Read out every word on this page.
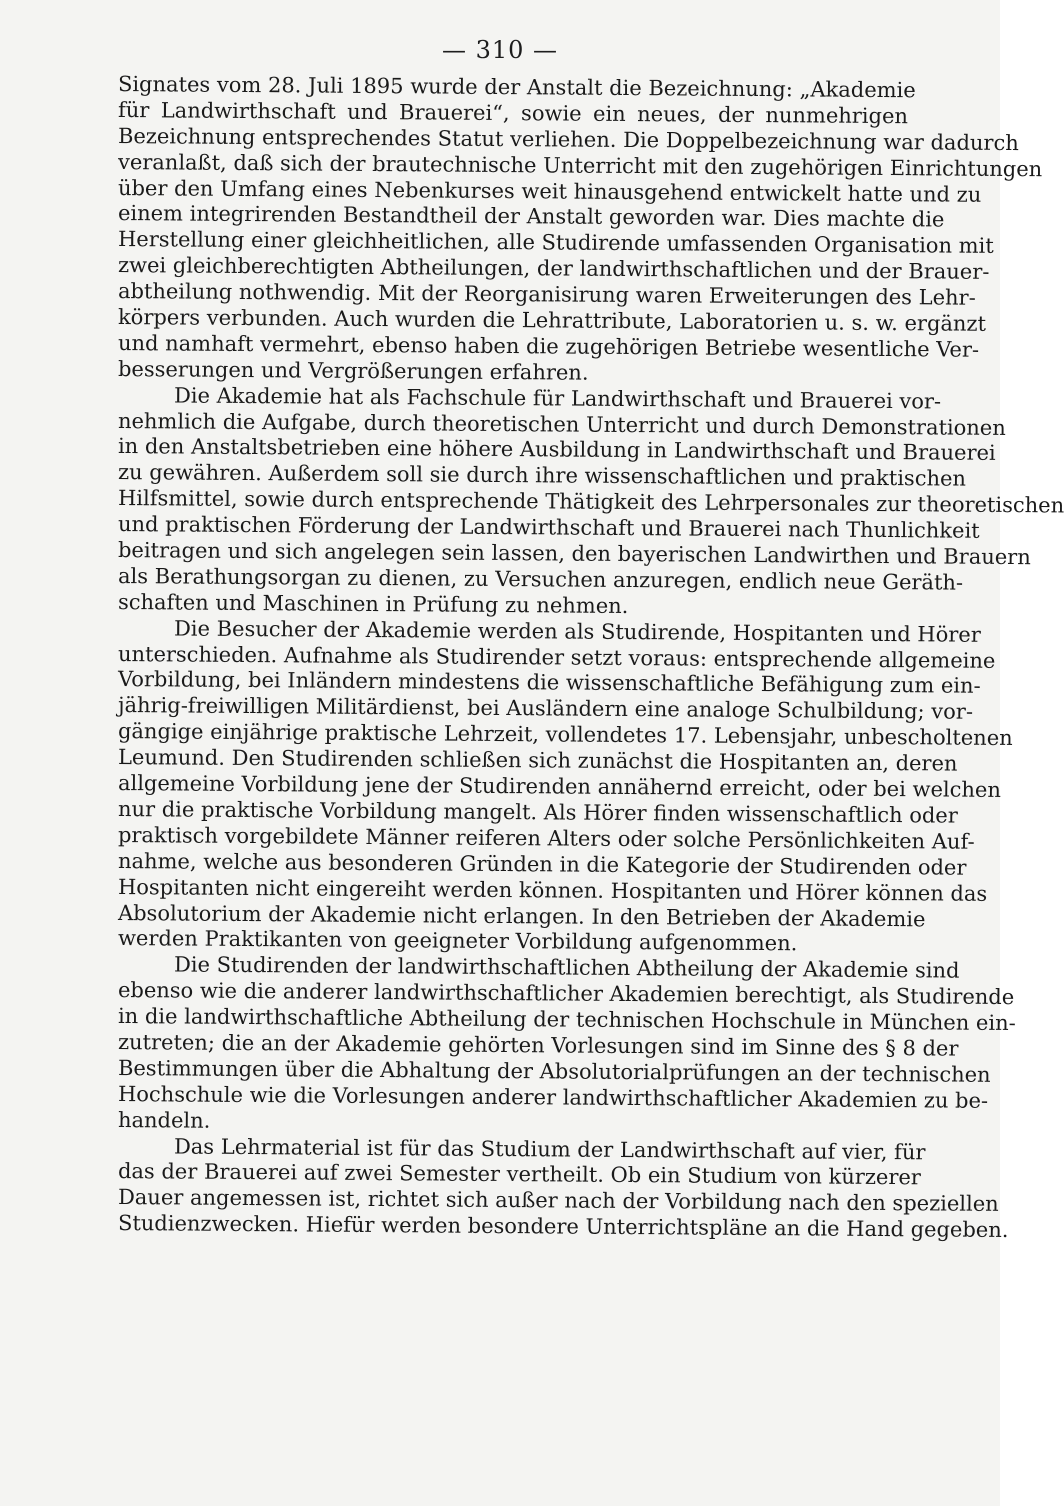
— 310 —
Signates vom 28. Juli 1895 wurde der Anstalt die Bezeichnung: „Akademie
für Landwirthschaft und Brauerei“, sowie ein neues, der nunmehrigen
Bezeichnung entsprechendes Statut verliehen. Die Doppelbezeichnung war dadurch
veranlaßt, daß sich der brautechnische Unterricht mit den zugehörigen Einrichtungen
über den Umfang eines Nebenkurses weit hinausgehend entwickelt hatte und zu
einem integrirenden Bestandtheil der Anstalt geworden war. Dies machte die
Herstellung einer gleichheitlichen, alle Studirende umfassenden Organisation mit
zwei gleichberechtigten Abtheilungen, der landwirthschaftlichen und der Brauer-
abtheilung nothwendig. Mit der Reorganisirung waren Erweiterungen des Lehr-
körpers verbunden. Auch wurden die Lehrattribute, Laboratorien u. s. w. ergänzt
und namhaft vermehrt, ebenso haben die zugehörigen Betriebe wesentliche Ver-
besserungen und Vergrößerungen erfahren.
Die Akademie hat als Fachschule für Landwirthschaft und Brauerei vor-
nehmlich die Aufgabe, durch theoretischen Unterricht und durch Demonstrationen
in den Anstaltsbetrieben eine höhere Ausbildung in Landwirthschaft und Brauerei
zu gewähren. Außerdem soll sie durch ihre wissenschaftlichen und praktischen
Hilfsmittel, sowie durch entsprechende Thätigkeit des Lehrpersonales zur theoretischen
und praktischen Förderung der Landwirthschaft und Brauerei nach Thunlichkeit
beitragen und sich angelegen sein lassen, den bayerischen Landwirthen und Brauern
als Berathungsorgan zu dienen, zu Versuchen anzuregen, endlich neue Geräth-
schaften und Maschinen in Prüfung zu nehmen.
Die Besucher der Akademie werden als Studirende, Hospitanten und Hörer
unterschieden. Aufnahme als Studirender setzt voraus: entsprechende allgemeine
Vorbildung, bei Inländern mindestens die wissenschaftliche Befähigung zum ein-
jährig-freiwilligen Militärdienst, bei Ausländern eine analoge Schulbildung; vor-
gängige einjährige praktische Lehrzeit, vollendetes 17. Lebensjahr, unbescholtenen
Leumund. Den Studirenden schließen sich zunächst die Hospitanten an, deren
allgemeine Vorbildung jene der Studirenden annähernd erreicht, oder bei welchen
nur die praktische Vorbildung mangelt. Als Hörer finden wissenschaftlich oder
praktisch vorgebildete Männer reiferen Alters oder solche Persönlichkeiten Auf-
nahme, welche aus besonderen Gründen in die Kategorie der Studirenden oder
Hospitanten nicht eingereiht werden können. Hospitanten und Hörer können das
Absolutorium der Akademie nicht erlangen. In den Betrieben der Akademie
werden Praktikanten von geeigneter Vorbildung aufgenommen.
Die Studirenden der landwirthschaftlichen Abtheilung der Akademie sind
ebenso wie die anderer landwirthschaftlicher Akademien berechtigt, als Studirende
in die landwirthschaftliche Abtheilung der technischen Hochschule in München ein-
zutreten; die an der Akademie gehörten Vorlesungen sind im Sinne des § 8 der
Bestimmungen über die Abhaltung der Absolutorialprüfungen an der technischen
Hochschule wie die Vorlesungen anderer landwirthschaftlicher Akademien zu be-
handeln.
Das Lehrmaterial ist für das Studium der Landwirthschaft auf vier, für
das der Brauerei auf zwei Semester vertheilt. Ob ein Studium von kürzerer
Dauer angemessen ist, richtet sich außer nach der Vorbildung nach den speziellen
Studienzwecken. Hiefür werden besondere Unterrichtspläne an die Hand gegeben.
